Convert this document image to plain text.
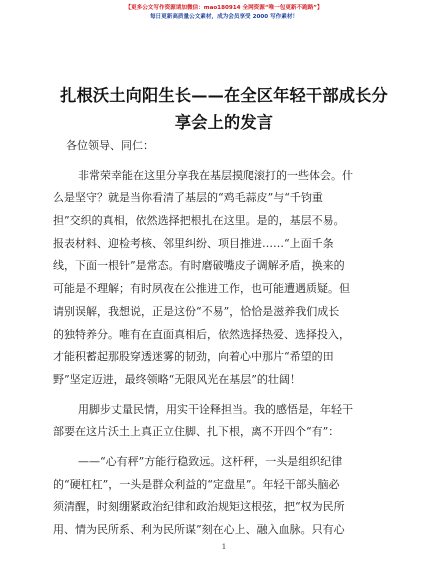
【更多公文写作资源请加微信：mao180914 全网资源“唯一包更新不跑路”】
每日更新高质量公文素材，成为会员享受 2000 写作素材！
扎根沃土向阳生长——在全区年轻干部成长分
享会上的发言
各位领导、同仁：
非常荣幸能在这里分享我在基层摸爬滚打的一些体会。什
么是坚守？就是当你看清了基层的“鸡毛蒜皮”与“千钧重
担”交织的真相，依然选择把根扎在这里。是的，基层不易。
报表材料、迎检考核、邻里纠纷、项目推进……“上面千条
线，下面一根针”是常态。有时磨破嘴皮子调解矛盾，换来的
可能是不理解；有时夙夜在公推进工作，也可能遭遇质疑。但
请别误解，我想说，正是这份“不易”，恰恰是滋养我们成长
的独特养分。唯有在直面真相后，依然选择热爱、选择投入，
才能积蓄起那股穿透迷雾的韧劲，向着心中那片“希望的田
野”坚定迈进，最终领略“无限风光在基层”的壮阔！
用脚步丈量民情，用实干诠释担当。我的感悟是，年轻干
部要在这片沃土上真正立住脚、扎下根，离不开四个“有”：
——“心有秤”方能行稳致远。这杆秤，一头是组织纪律
的“硬杠杠”，一头是群众利益的“定盘星”。年轻干部头脑必
须清醒，时刻绷紧政治纪律和政治规矩这根弦，把“权为民所
用、情为民所系、利为民所谋”刻在心上、融入血脉。只有心
1
